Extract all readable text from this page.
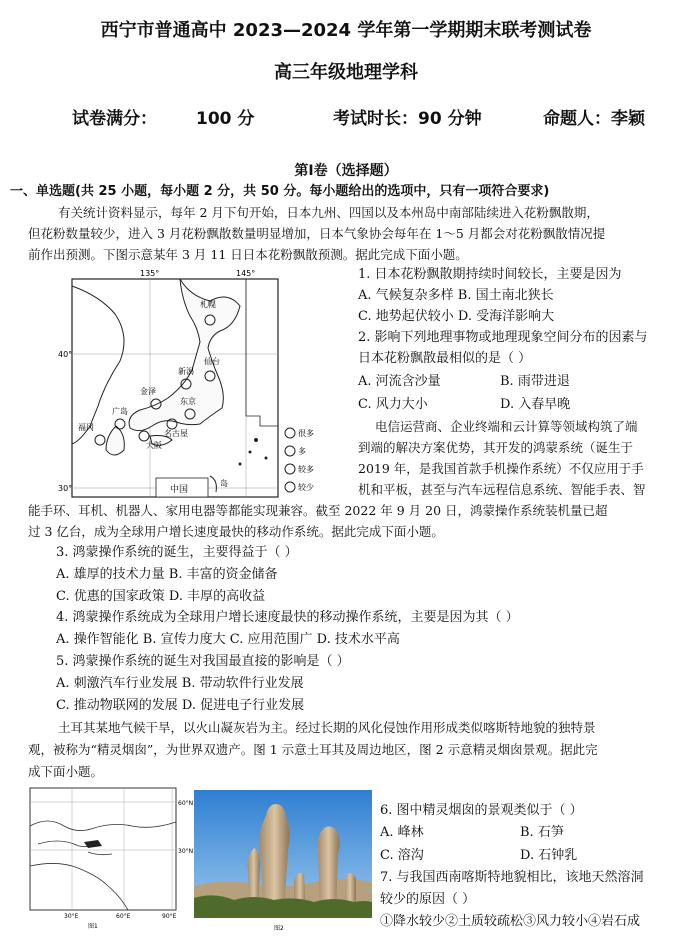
西宁市普通高中 2023—2024 学年第一学期期末联考测试卷
高三年级地理学科
试卷满分： 100 分	考试时长：90 分钟	命题人：李颖
第Ⅰ卷（选择题）
一、单选题(共 25 小题，每小题 2 分，共 50 分。每小题给出的选项中，只有一项符合要求)
有关统计资料显示，每年 2 月下旬开始，日本九州、四国以及本州岛中南部陆续进入花粉飘散期，
但花粉数量较少，进入 3 月花粉飘散数量明显增加，日本气象协会每年在 1～5 月都会对花粉飘散情况提
前作出预测。下图示意某年 3 月 11 日日本花粉飘散预测。据此完成下面小题。
135°	145°
40°
30°
札幌
仙台
新潟
金泽
东京
广岛
福冈
名古屋
大阪
中国
岛
很多
多
较多
较少
1. 日本花粉飘散期持续时间较长，主要是因为
A. 气候复杂多样 B. 国土南北狭长
C. 地势起伏较小 D. 受海洋影响大
2. 影响下列地理事物或地理现象空间分布的因素与
日本花粉飘散最相似的是（ ）
A. 河流含沙量	B. 雨带进退
C. 风力大小	D. 入春早晚
电信运营商、企业终端和云计算等领域构筑了端
到端的解决方案优势，其开发的鸿蒙系统（诞生于
2019 年，是我国首款手机操作系统）不仅应用于手
机和平板，甚至与汽车远程信息系统、智能手表、智
能手环、耳机、机器人、家用电器等都能实现兼容。截至 2022 年 9 月 20 日，鸿蒙操作系统装机量已超
过 3 亿台，成为全球用户增长速度最快的移动作系统。据此完成下面小题。
3. 鸿蒙操作系统的诞生，主要得益于（ ）
A. 雄厚的技术力量 B. 丰富的资金储备
C. 优惠的国家政策 D. 丰厚的高收益
4. 鸿蒙操作系统成为全球用户增长速度最快的移动操作系统，主要是因为其（ ）
A. 操作智能化 B. 宣传力度大 C. 应用范围广 D. 技术水平高
5. 鸿蒙操作系统的诞生对我国最直接的影响是（ ）
A. 刺激汽车行业发展 B. 带动软件行业发展
C. 推动物联网的发展 D. 促进电子行业发展
土耳其某地气候干旱，以火山凝灰岩为主。经过长期的风化侵蚀作用形成类似喀斯特地貌的独特景
观，被称为“精灵烟囱”，为世界双遗产。图 1 示意土耳其及周边地区，图 2 示意精灵烟囱景观。据此完
成下面小题。
60°N
30°N
30°E	60°E	90°E
图1	图2
6. 图中精灵烟囱的景观类似于（ ）
A. 峰林	B. 石笋
C. 溶沟	D. 石钟乳
7. 与我国西南喀斯特地貌相比，该地天然溶洞
较少的原因（ ）
①降水较少②土质较疏松③风力较小④岩石成
